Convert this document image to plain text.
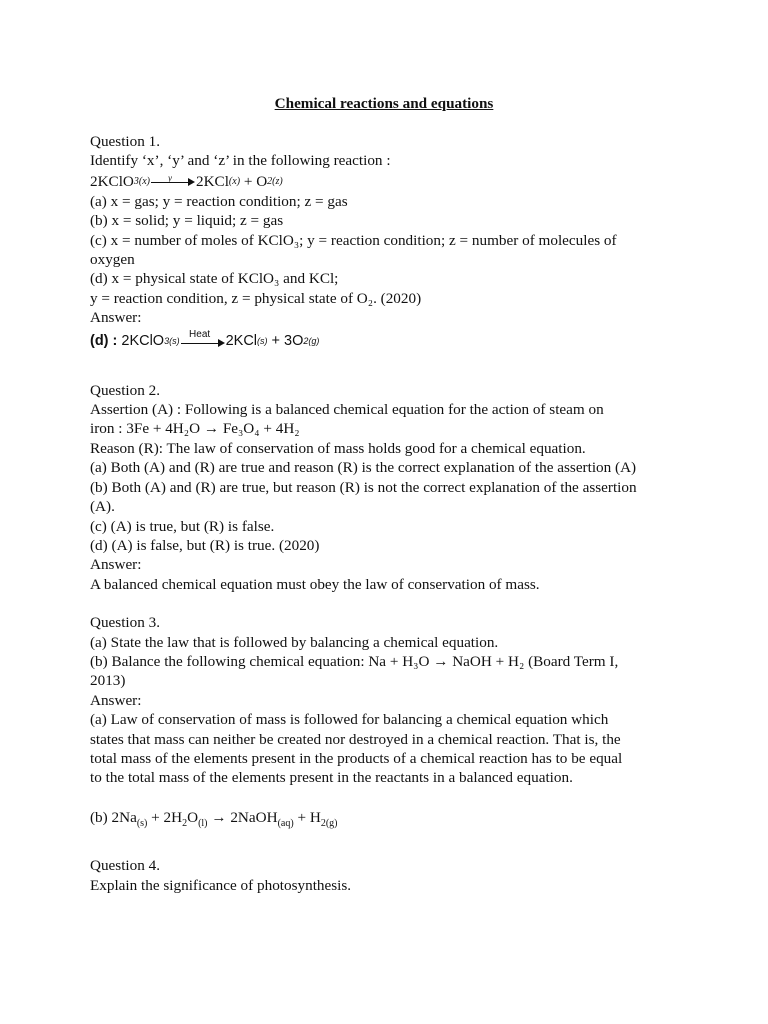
Chemical reactions and equations
Question 1.
Identify ‘x’, ‘y’ and ‘z’ in the following reaction :
2KClO 3(x)	y	2KCl (x) + O 2(z)
(a) x = gas; y = reaction condition; z = gas
(b) x = solid; y = liquid; z = gas
(c) x = number of moles of KClO₃; y = reaction condition; z = number of molecules of
oxygen
(d) x = physical state of KClO₃ and KCl;
y = reaction condition, z = physical state of O₂. (2020)
Answer:
(d) : 2KClO 3(s)
Heat	2KCl (s) + 3O 2(g)
Question 2.
Assertion (A) : Following is a balanced chemical equation for the action of steam on
iron : 3Fe + 4H₂O → Fe₃O₄ + 4H₂
Reason (R): The law of conservation of mass holds good for a chemical equation.
(a) Both (A) and (R) are true and reason (R) is the correct explanation of the assertion (A)
(b) Both (A) and (R) are true, but reason (R) is not the correct explanation of the assertion
(A).
(c) (A) is true, but (R) is false.
(d) (A) is false, but (R) is true. (2020)
Answer:
A balanced chemical equation must obey the law of conservation of mass.
Question 3.
(a) State the law that is followed by balancing a chemical equation.
(b) Balance the following chemical equation: Na + H₃O → NaOH + H₂ (Board Term I,
2013)
Answer:
(a) Law of conservation of mass is followed for balancing a chemical equation which
states that mass can neither be created nor destroyed in a chemical reaction. That is, the
total mass of the elements present in the products of a chemical reaction has to be equal
to the total mass of the elements present in the reactants in a balanced equation.
(b) $2Na_{(s)} + 2H_2O_{(l)}$ → 2NaOH$_{(aq)}$ + $H_{2(g)}$
Question 4.
Explain the significance of photosynthesis.
